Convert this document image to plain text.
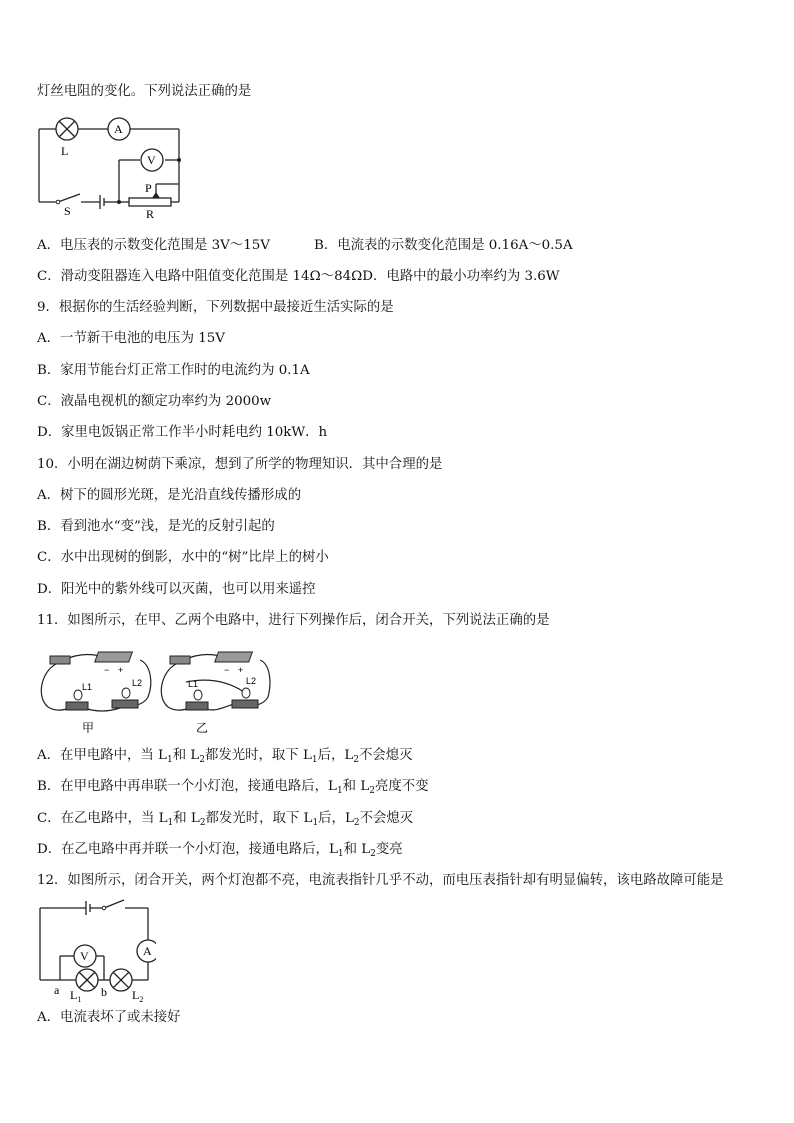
灯丝电阻的变化。下列说法正确的是
A
V
L
S
P
R
A．电压表的示数变化范围是 3V～15V	B．电流表的示数变化范围是 0.16A～0.5A
C．滑动变阻器连入电路中阻值变化范围是 14Ω～84ΩD．电路中的最小功率约为 3.6W
9．根据你的生活经验判断，下列数据中最接近生活实际的是
A．一节新干电池的电压为 15V
B．家用节能台灯正常工作时的电流约为 0.1A
C．液晶电视机的额定功率约为 2000w
D．家里电饭锅正常工作半小时耗电约 10kW．h
10．小明在湖边树荫下乘凉，想到了所学的物理知识．其中合理的是
A．树下的圆形光斑，是光沿直线传播形成的
B．看到池水“变”浅，是光的反射引起的
C．水中出现树的倒影，水中的“树”比岸上的树小
D．阳光中的紫外线可以灭菌，也可以用来遥控
11．如图所示，在甲、乙两个电路中，进行下列操作后，闭合开关，下列说法正确的是
L1	L2
− +
甲
L1	L2
− +
乙
A．在甲电路中，当 $L_1$和 $L_2$都发光时，取下 $L_1$后，$L_2$不会熄灭
B．在甲电路中再串联一个小灯泡，接通电路后，$L_1$和 $L_2$亮度不变
C．在乙电路中，当 $L_1$和 $L_2$都发光时，取下 $L_1$后，$L_2$不会熄灭
D．在乙电路中再并联一个小灯泡，接通电路后，$L_1$和 $L_2$变亮
12．如图所示，闭合开关，两个灯泡都不亮，电流表指针几乎不动，而电压表指针却有明显偏转，该电路故障可能是
V	A
a	b
$L_1$	$L_2$
A．电流表坏了或未接好
